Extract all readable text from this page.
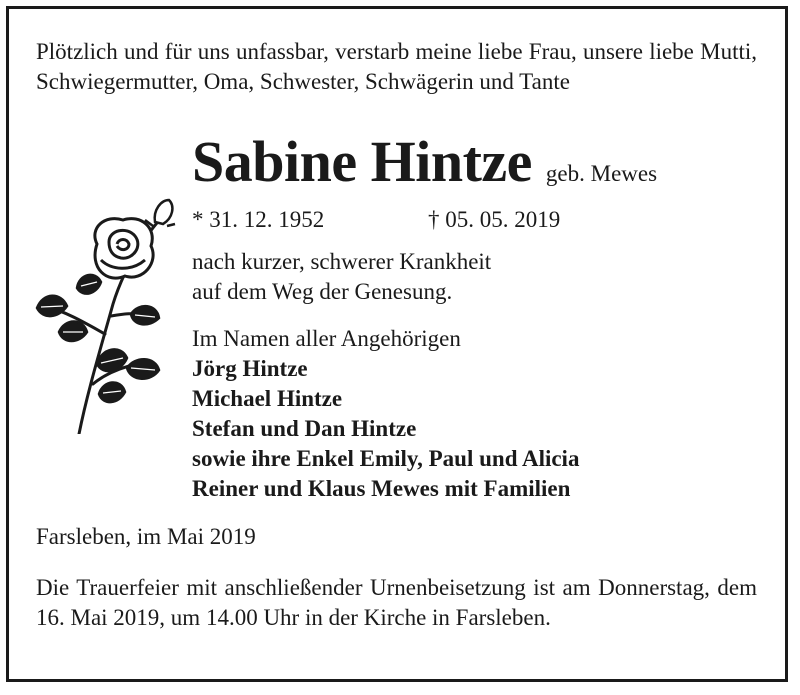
Plötzlich und für uns unfassbar, verstarb meine liebe Frau, unsere liebe Mutti, Schwiegermutter, Oma, Schwester, Schwägerin und Tante

Sabine Hintze geb. Mewes
* 31. 12. 1952	† 05. 05. 2019

nach kurzer, schwerer Krankheit
auf dem Weg der Genesung.

Im Namen aller Angehörigen
Jörg Hintze
Michael Hintze
Stefan und Dan Hintze
sowie ihre Enkel Emily, Paul und Alicia
Reiner und Klaus Mewes mit Familien

Farsleben, im Mai 2019

Die Trauerfeier mit anschließender Urnenbeisetzung ist am Donnerstag, dem 16. Mai 2019, um 14.00 Uhr in der Kirche in Farsleben.
